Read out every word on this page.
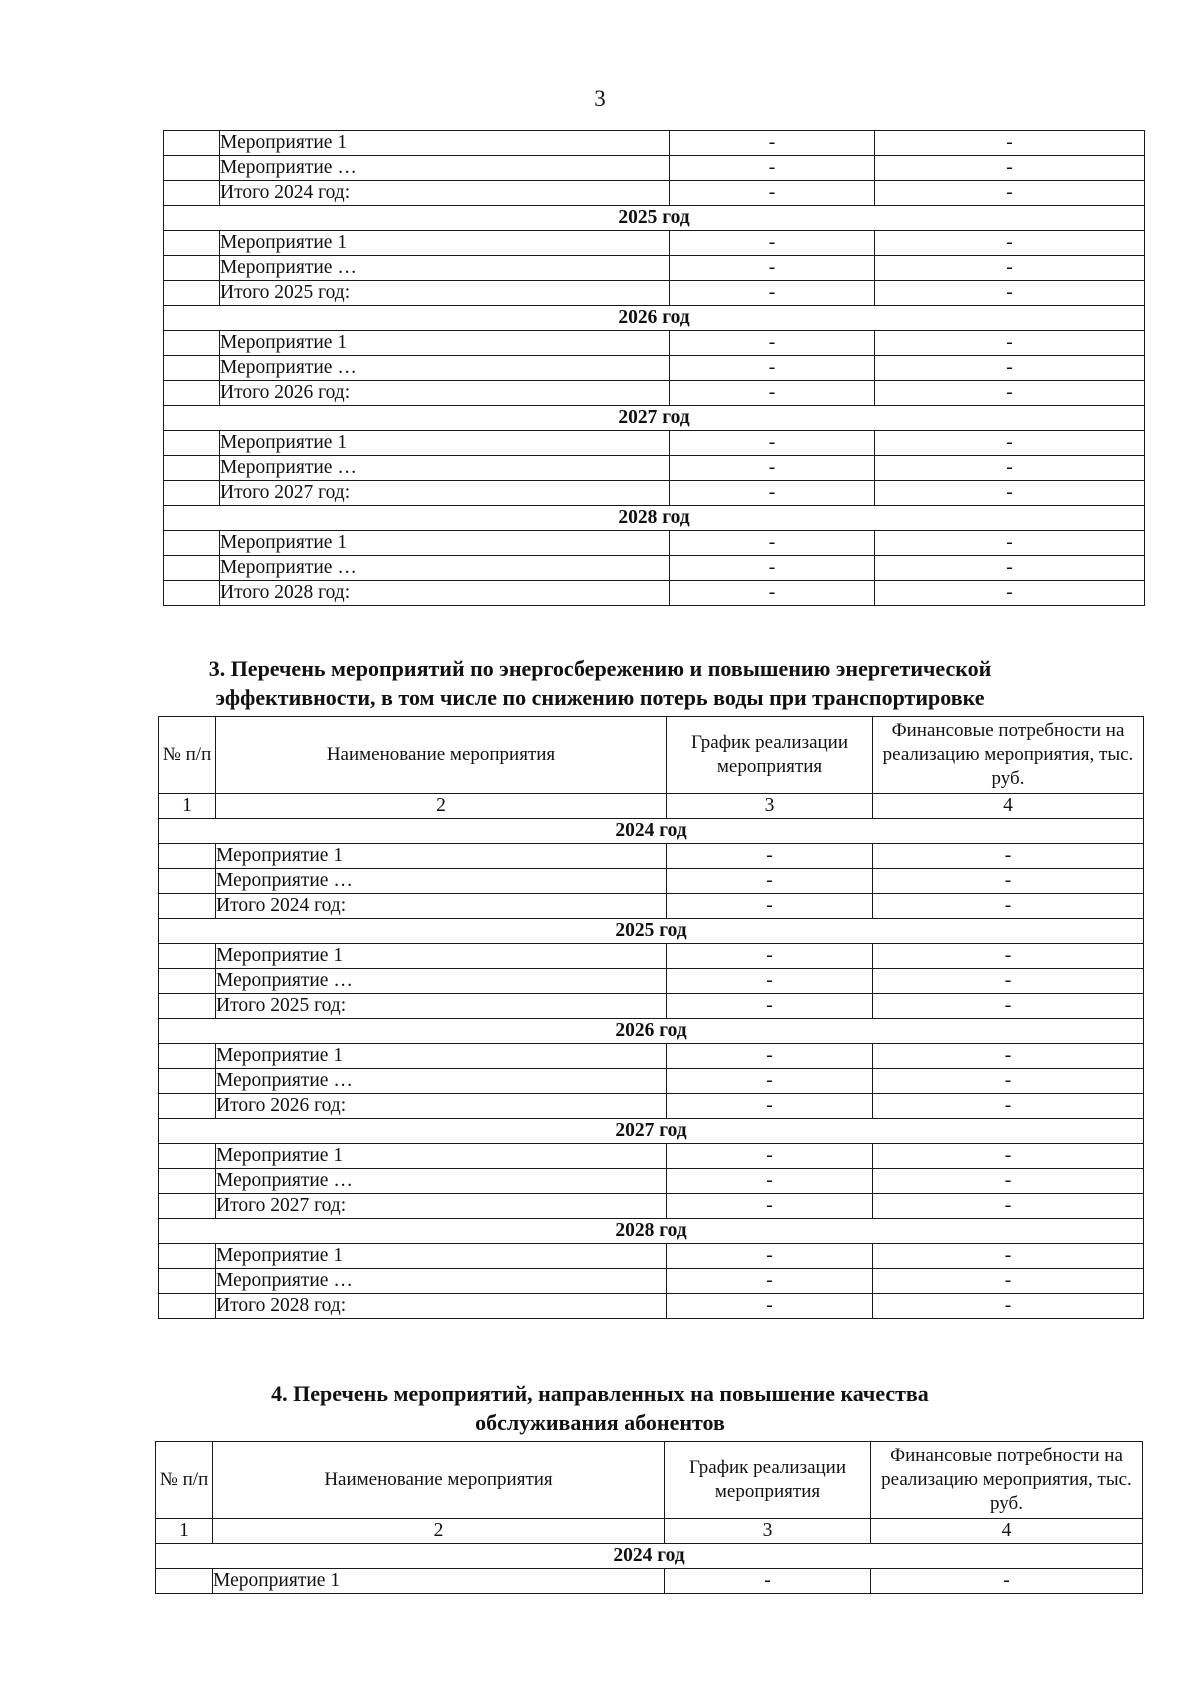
3
	Мероприятие 1	-	-
	Мероприятие …	-	-
	Итого 2024 год:	-	-
2025 год			
	Мероприятие 1	-	-
	Мероприятие …	-	-
	Итого 2025 год:	-	-
2026 год			
	Мероприятие 1	-	-
	Мероприятие …	-	-
	Итого 2026 год:	-	-
2027 год			
	Мероприятие 1	-	-
	Мероприятие …	-	-
	Итого 2027 год:	-	-
2028 год			
	Мероприятие 1	-	-
	Мероприятие …	-	-
	Итого 2028 год:	-	-
3. Перечень мероприятий по энергосбережению и повышению энергетической
эффективности, в том числе по снижению потерь воды при транспортировке
№ п/п	Наименование мероприятия	График реализации мероприятия	Финансовые потребности на реализацию мероприятия, тыс. руб.
1	2	3	4
2024 год			
	Мероприятие 1	-	-
	Мероприятие …	-	-
	Итого 2024 год:	-	-
2025 год			
	Мероприятие 1	-	-
	Мероприятие …	-	-
	Итого 2025 год:	-	-
2026 год			
	Мероприятие 1	-	-
	Мероприятие …	-	-
	Итого 2026 год:	-	-
2027 год			
	Мероприятие 1	-	-
	Мероприятие …	-	-
	Итого 2027 год:	-	-
2028 год			
	Мероприятие 1	-	-
	Мероприятие …	-	-
	Итого 2028 год:	-	-
4. Перечень мероприятий, направленных на повышение качества
обслуживания абонентов
№ п/п	Наименование мероприятия	График реализации мероприятия	Финансовые потребности на реализацию мероприятия, тыс. руб.
1	2	3	4
2024 год			
	Мероприятие 1	-	-
